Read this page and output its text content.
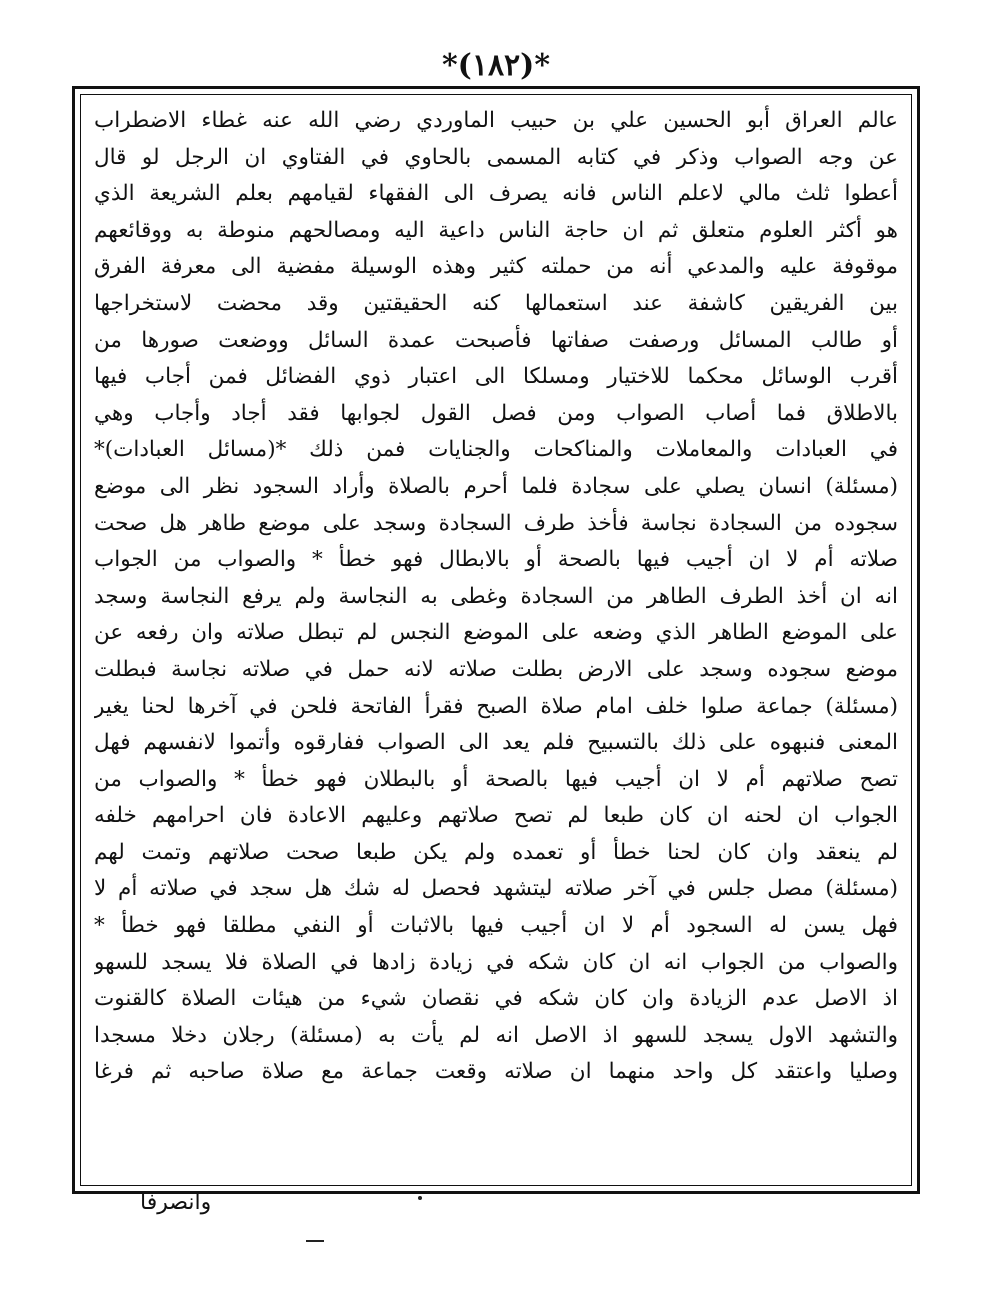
*(١٨٢)*
عالم العراق أبو الحسين علي بن حبيب الماوردي رضي الله عنه غطاء الاضطراب
عن وجه الصواب وذكر في كتابه المسمى بالحاوي في الفتاوي ان الرجل لو قال
أعطوا ثلث مالي لاعلم الناس فانه يصرف الى الفقهاء لقيامهم بعلم الشريعة الذي
هو أكثر العلوم متعلق ثم ان حاجة الناس داعية اليه ومصالحهم منوطة به ووقائعهم
موقوفة عليه والمدعي أنه من حملته كثير وهذه الوسيلة مفضية الى معرفة الفرق
بين الفريقين كاشفة عند استعمالها كنه الحقيقتين وقد محضت لاستخراجها
أو طالب المسائل ورصفت صفاتها فأصبحت عمدة السائل ووضعت صورها من
أقرب الوسائل محكما للاختيار ومسلكا الى اعتبار ذوي الفضائل فمن أجاب فيها
بالاطلاق فما أصاب الصواب ومن فصل القول لجوابها فقد أجاد وأجاب وهي
في العبادات والمعاملات والمناكحات والجنايات فمن ذلك *(مسائل العبادات)*
(مسئلة) انسان يصلي على سجادة فلما أحرم بالصلاة وأراد السجود نظر الى موضع
سجوده من السجادة نجاسة فأخذ طرف السجادة وسجد على موضع طاهر هل صحت
صلاته أم لا ان أجيب فيها بالصحة أو بالابطال فهو خطأ * والصواب من الجواب
انه ان أخذ الطرف الطاهر من السجادة وغطى به النجاسة ولم يرفع النجاسة وسجد
على الموضع الطاهر الذي وضعه على الموضع النجس لم تبطل صلاته وان رفعه عن
موضع سجوده وسجد على الارض بطلت صلاته لانه حمل في صلاته نجاسة فبطلت
(مسئلة) جماعة صلوا خلف امام صلاة الصبح فقرأ الفاتحة فلحن في آخرها لحنا يغير
المعنى فنبهوه على ذلك بالتسبيح فلم يعد الى الصواب ففارقوه وأتموا لانفسهم فهل
تصح صلاتهم أم لا ان أجيب فيها بالصحة أو بالبطلان فهو خطأ * والصواب من
الجواب ان لحنه ان كان طبعا لم تصح صلاتهم وعليهم الاعادة فان احرامهم خلفه
لم ينعقد وان كان لحنا خطأ أو تعمده ولم يكن طبعا صحت صلاتهم وتمت لهم
(مسئلة) مصل جلس في آخر صلاته ليتشهد فحصل له شك هل سجد في صلاته أم لا
فهل يسن له السجود أم لا ان أجيب فيها بالاثبات أو النفي مطلقا فهو خطأ *
والصواب من الجواب انه ان كان شكه في زيادة زادها في الصلاة فلا يسجد للسهو
اذ الاصل عدم الزيادة وان كان شكه في نقصان شيء من هيئات الصلاة كالقنوت
والتشهد الاول يسجد للسهو اذ الاصل انه لم يأت به (مسئلة) رجلان دخلا مسجدا
وصليا واعتقد كل واحد منهما ان صلاته وقعت جماعة مع صلاة صاحبه ثم فرغا
وانصرفا
